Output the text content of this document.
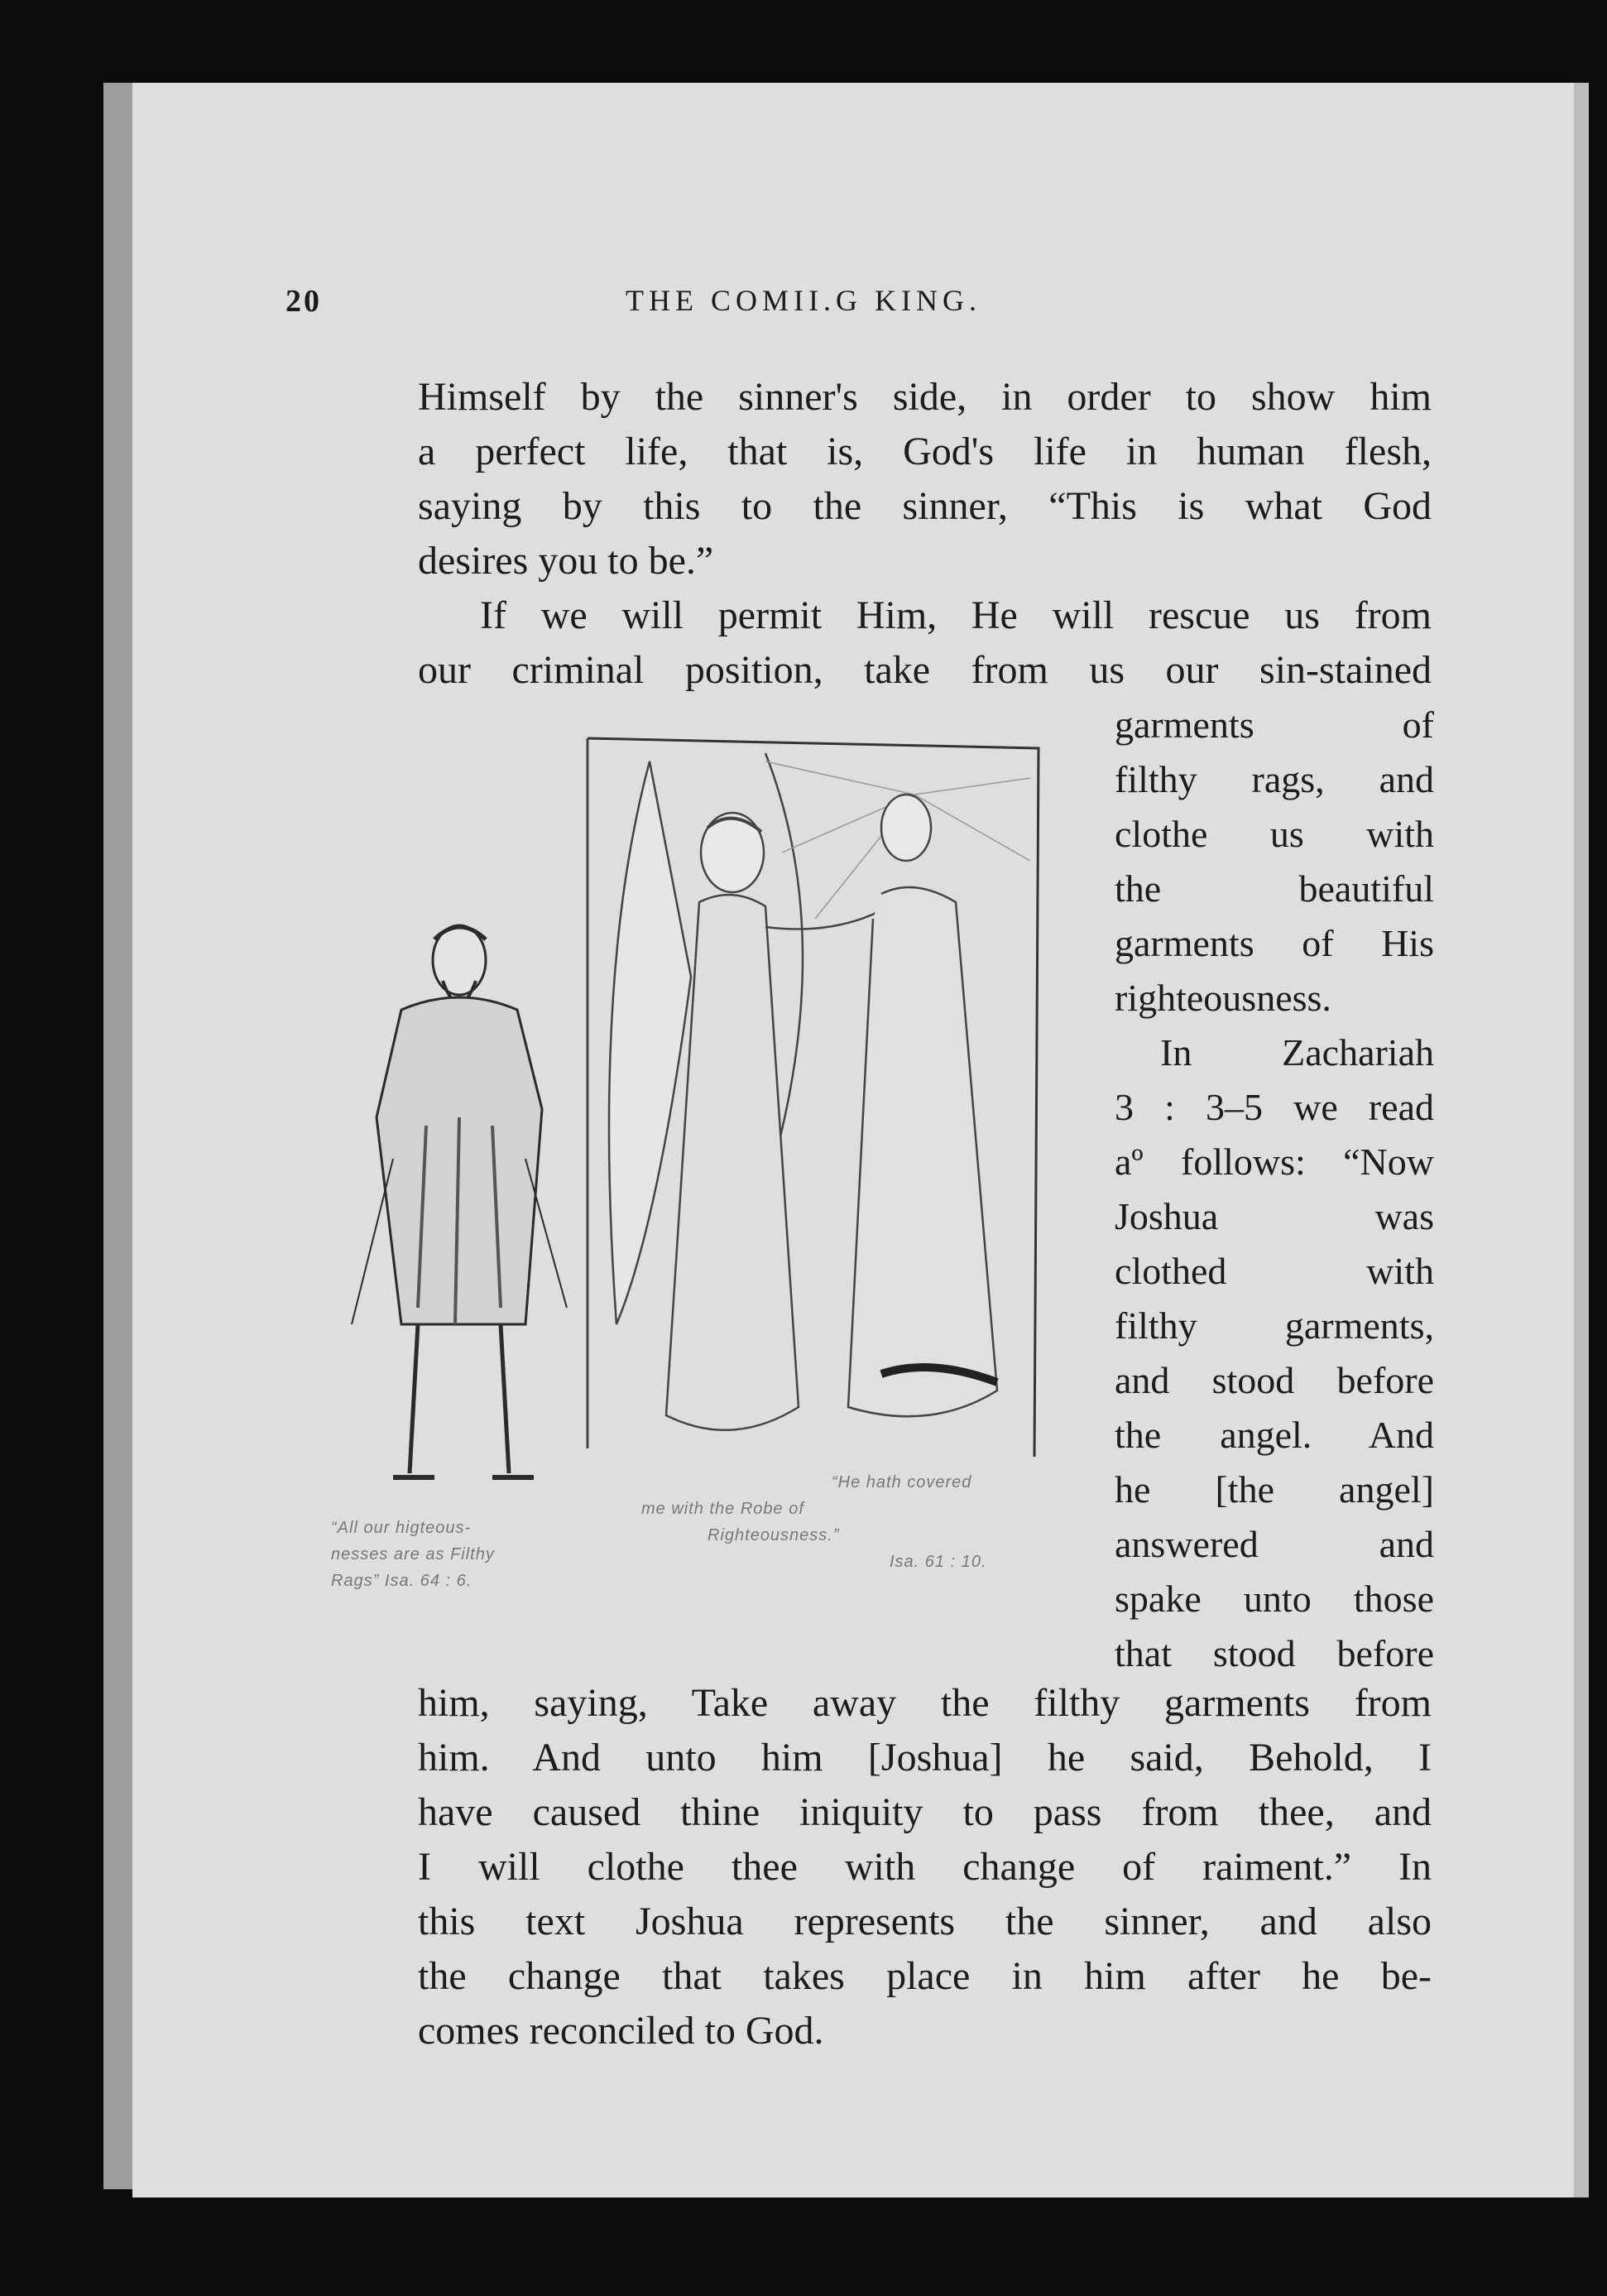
20	THE COMII.G KING.
Himself by the sinner's side, in order to show him
a perfect life, that is, God's life in human flesh,
saying by this to the sinner, “This is what God
desires you to be.”
If we will permit Him, He will rescue us from
our criminal position, take from us our sin-stained
garments of
filthy rags, and
clothe us with
the beautiful
garments of His
righteousness.
In Zachariah
3 : 3–5 we read
aº follows: “Now
Joshua was
clothed with
filthy garments,
and stood before
the angel. And
he [the angel]
answered and
spake unto those
that stood before
him, saying, Take away the filthy garments from
him. And unto him [Joshua] he said, Behold, I
have caused thine iniquity to pass from thee, and
I will clothe thee with change of raiment.” In
this text Joshua represents the sinner, and also
the change that takes place in him after he be-
comes reconciled to God.
“All our higteous-
nesses are as Filthy
Rags” Isa. 64 : 6.
“He hath covered
me with the Robe of
Righteousness.”
Isa. 61 : 10.
